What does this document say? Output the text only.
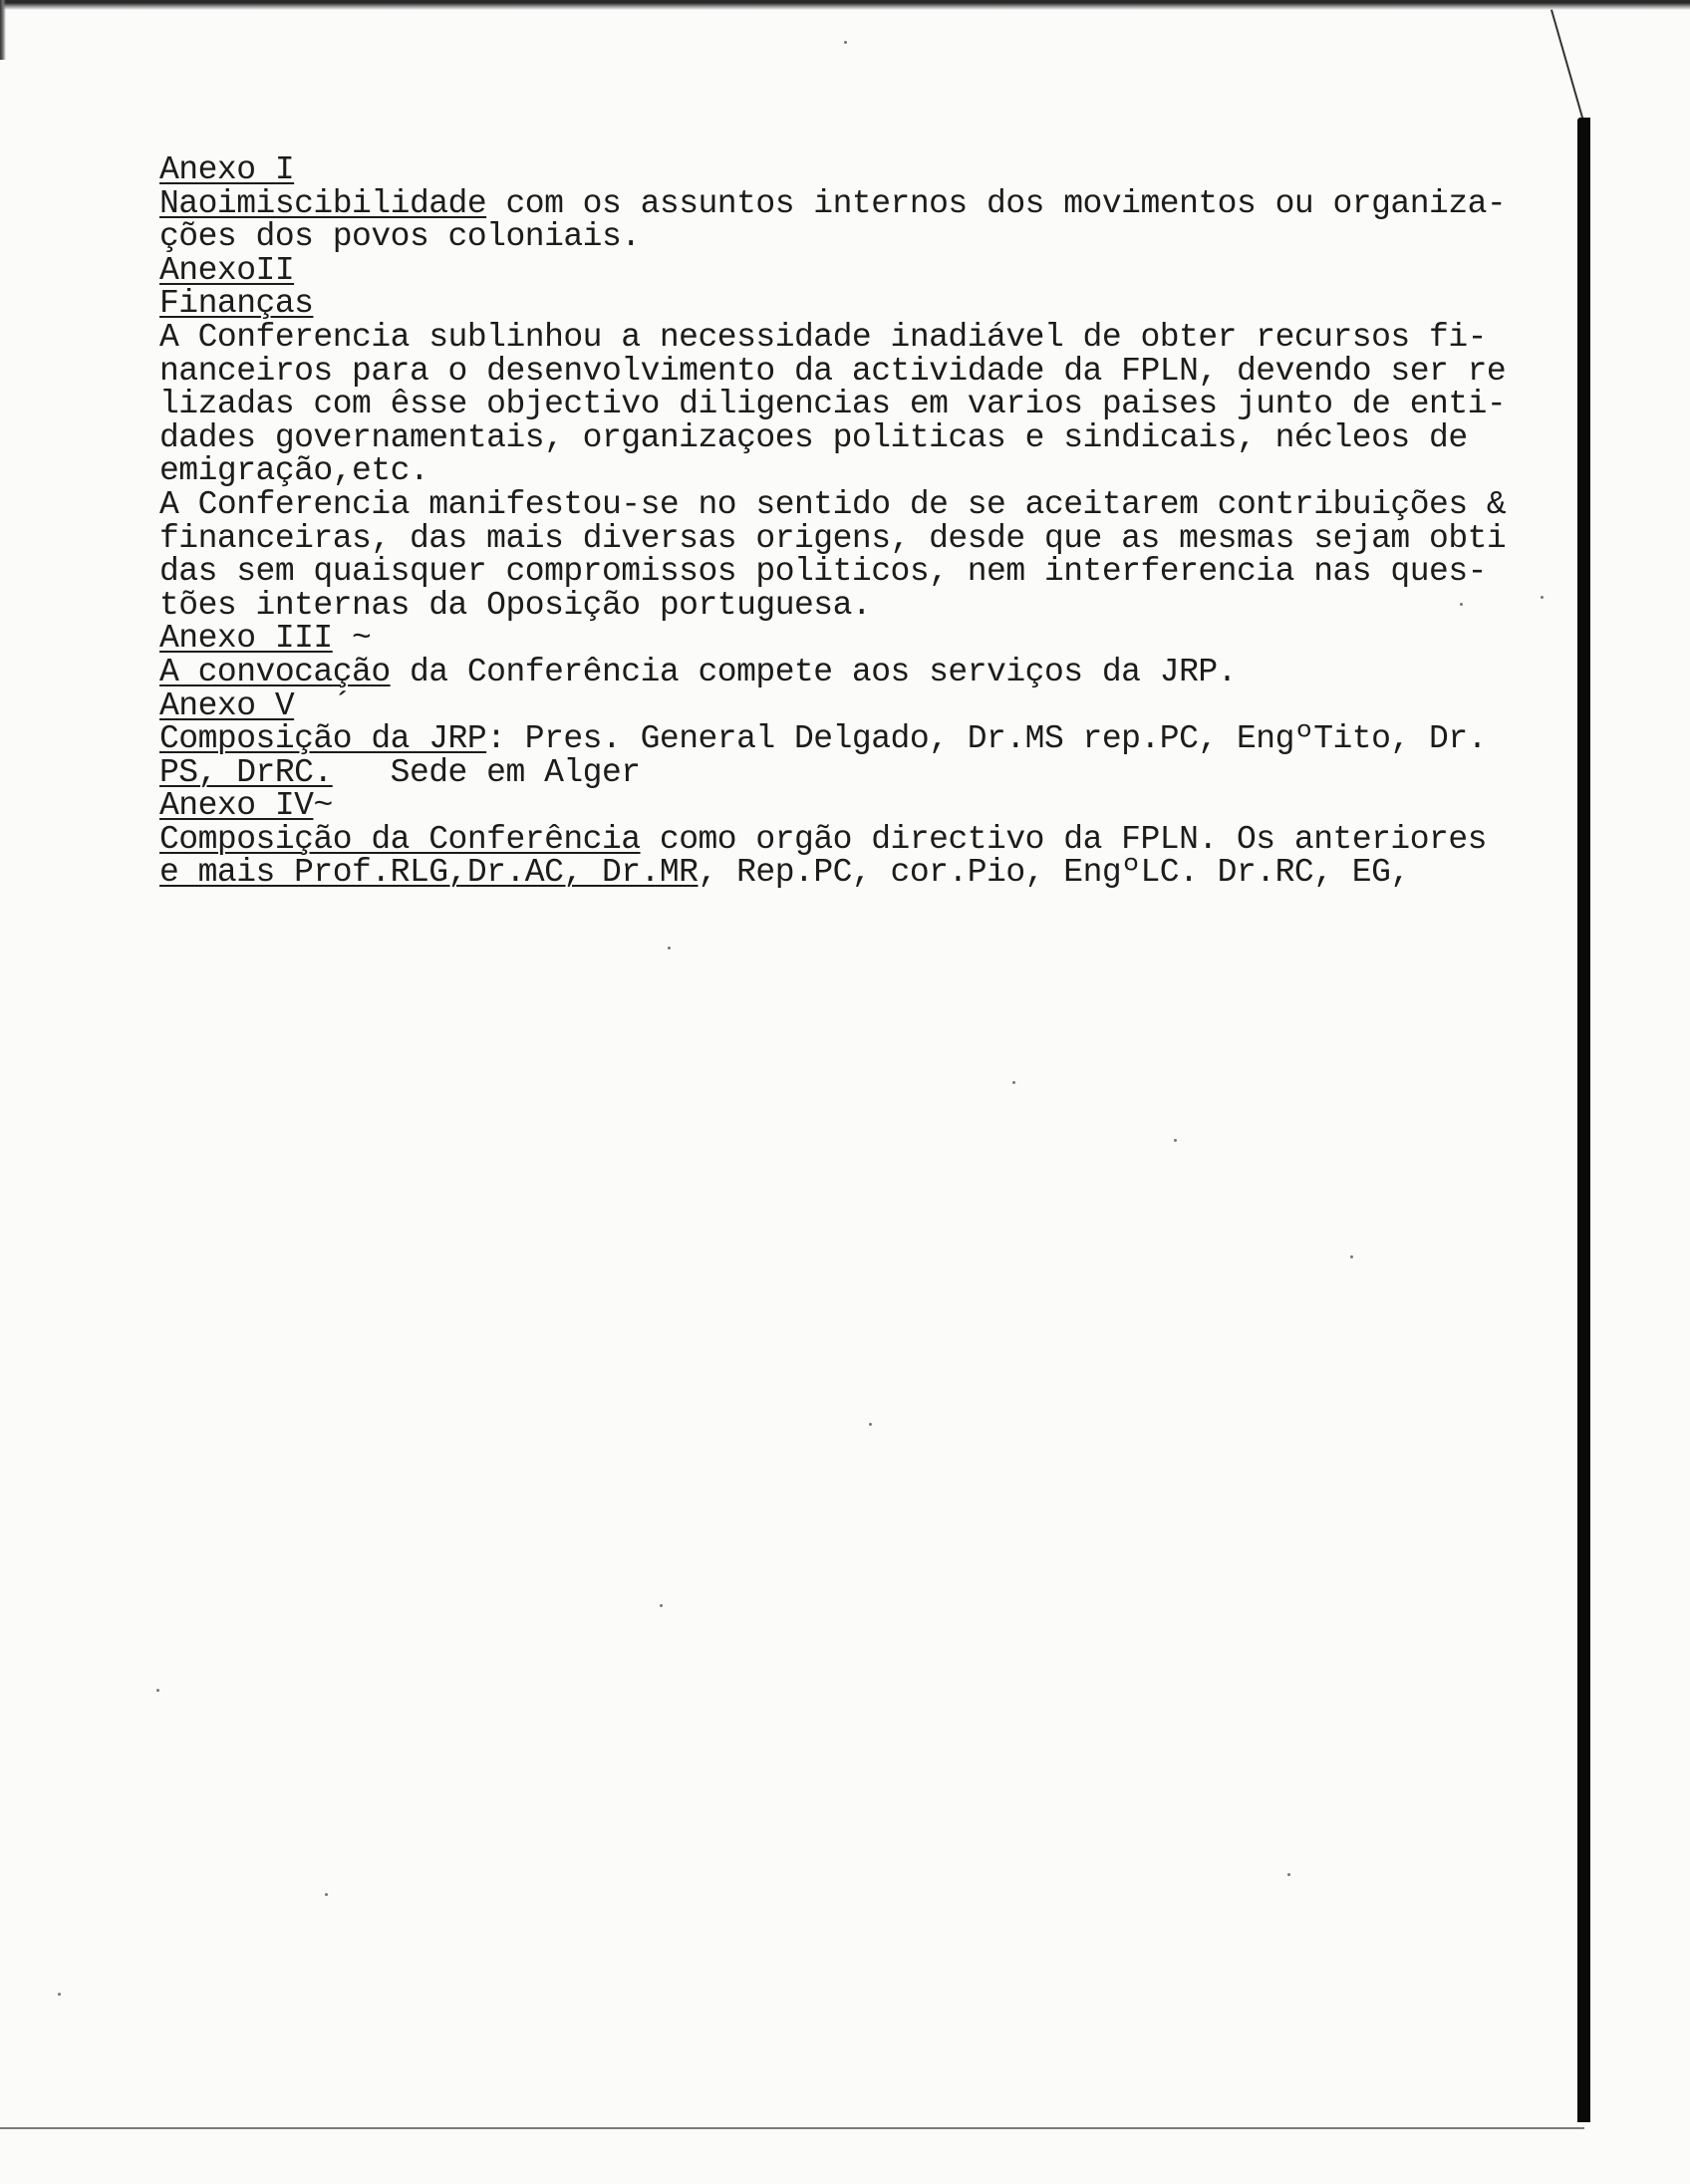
Anexo I
Naoimiscibilidade com os assuntos internos dos movimentos ou organiza-
ções dos povos coloniais.
AnexoII
Finanças
A Conferencia sublinhou a necessidade inadiável de obter recursos fi-
nanceiros para o desenvolvimento da actividade da FPLN, devendo ser re
lizadas com êsse objectivo diligencias em varios paises junto de enti-
dades governamentais, organizaçoes politicas e sindicais, nécleos de
emigração,etc.
A Conferencia manifestou-se no sentido de se aceitarem contribuições &
financeiras, das mais diversas origens, desde que as mesmas sejam obti
das sem quaisquer compromissos politicos, nem interferencia nas ques-
tões internas da Oposição portuguesa.
Anexo III ~
A convocação da Conferência compete aos serviços da JRP.
Anexo V  ´
Composição da JRP: Pres. General Delgado, Dr.MS rep.PC, EngºTito, Dr.
PS, DrRC.   Sede em Alger
Anexo IV~
Composição da Conferência como orgão directivo da FPLN. Os anteriores
e mais Prof.RLG,Dr.AC, Dr.MR, Rep.PC, cor.Pio, EngºLC. Dr.RC, EG,
